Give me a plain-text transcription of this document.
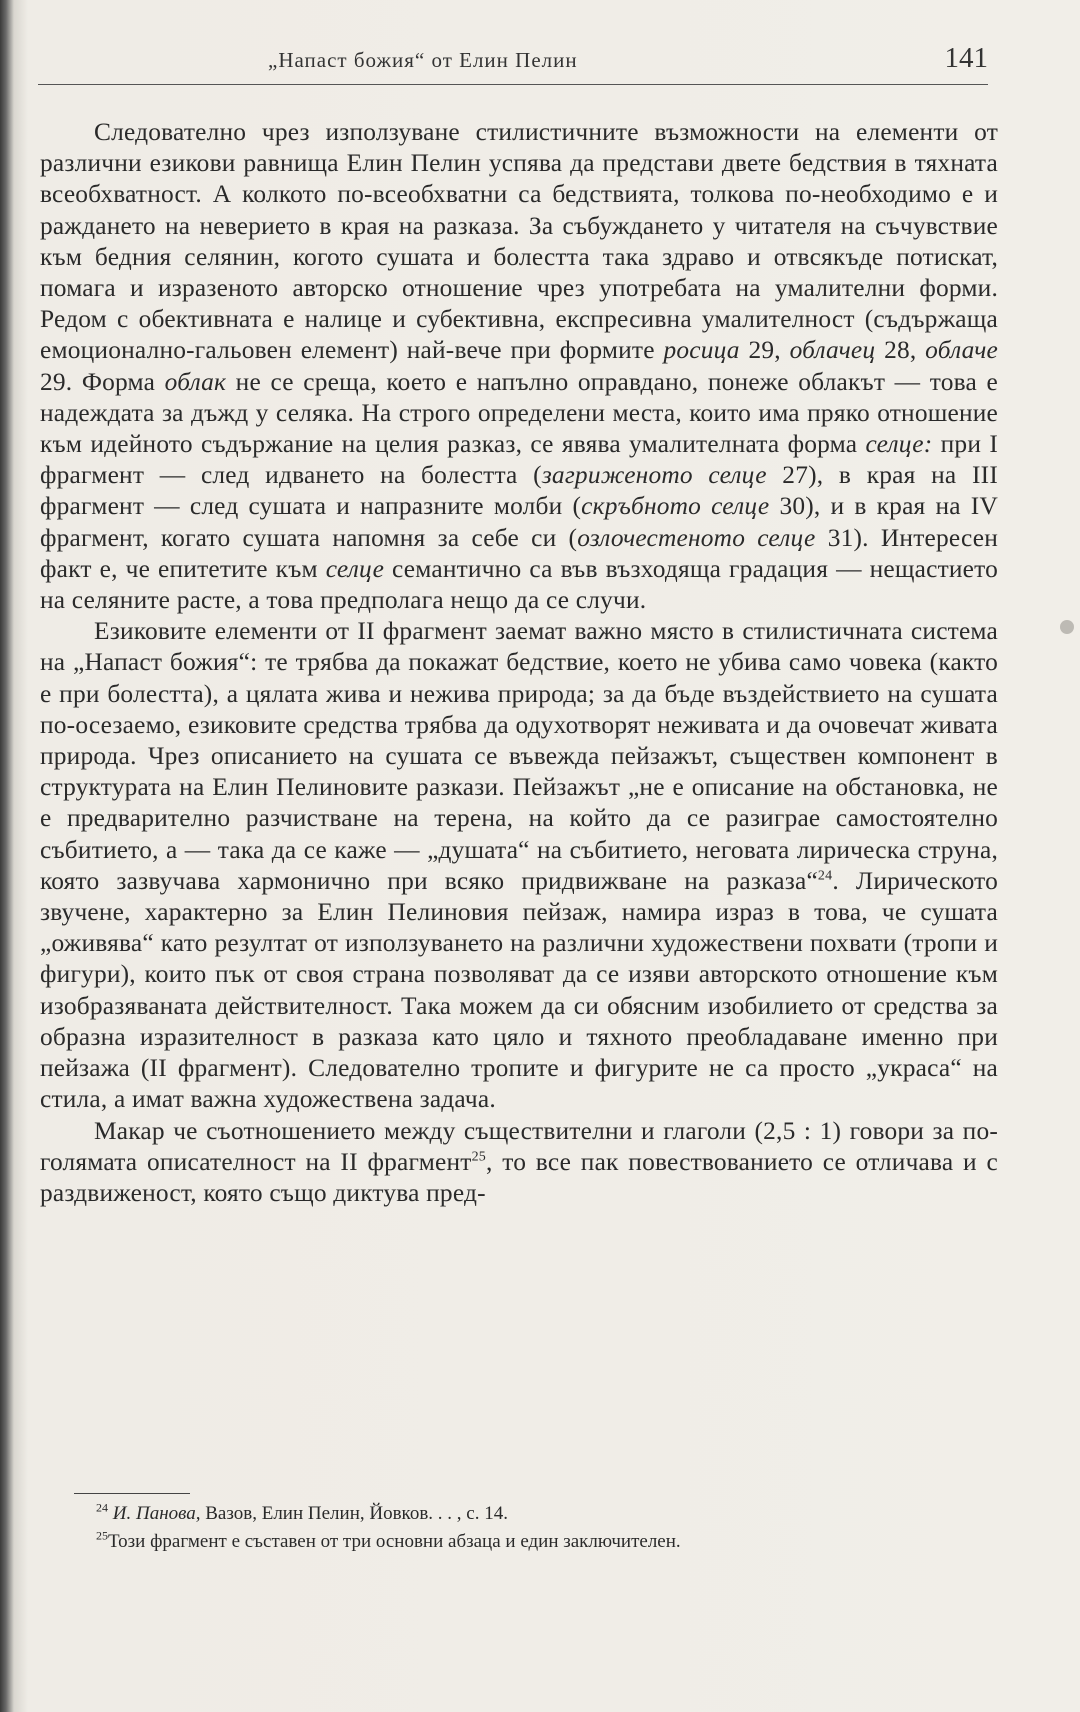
„Напаст божия“ от Елин Пелин	141

Следователно чрез използуване стилистичните възможности на елементи от различни езикови равнища Елин Пелин успява да представи двете бедствия в тяхната всеобхватност. А колкото по-всеобхватни са бедствията, толкова по-необходимо е и раждането на неверието в края на разказа. За събуждането у читателя на съчувствие към бедния селянин, когото сушата и болестта така здраво и отвсякъде потискат, помага и изразеното авторско отношение чрез употребата на умалителни форми. Редом с обективната е налице и субективна, експресивна умалителност (съдържаща емоционално-гальовен елемент) най-вече при формите росица 29, облачец 28, облаче 29. Форма облак не се среща, което е напълно оправдано, понеже облакът — това е надеждата за дъжд у селяка. На строго определени места, които има пряко отношение към идейното съдържание на целия разказ, се явява умалителната форма селце: при I фрагмент — след идването на болестта (загриженото селце 27), в края на III фрагмент — след сушата и напразните молби (скръбното селце 30), и в края на IV фрагмент, когато сушата напомня за себе си (озлочестеното селце 31). Интересен факт е, че епитетите към селце семантично са във възходяща градация — нещастието на селяните расте, а това предполага нещо да се случи.

Езиковите елементи от II фрагмент заемат важно място в стилистичната система на „Напаст божия“: те трябва да покажат бедствие, което не убива само човека (както е при болестта), а цялата жива и нежива природа; за да бъде въздействието на сушата по-осезаемо, езиковите средства трябва да одухотворят неживата и да очовечат живата природа. Чрез описанието на сушата се въвежда пейзажът, съществен компонент в структурата на Елин Пелиновите разкази. Пейзажът „не е описание на обстановка, не е предварително разчистване на терена, на който да се разиграе самостоятелно събитието, а — така да се каже — „душата“ на събитието, неговата лирическа струна, която зазвучава хармонично при всяко придвижване на разказа“$^{24}$. Лирическото звучене, характерно за Елин Пелиновия пейзаж, намира израз в това, че сушата „оживява“ като резултат от използуването на различни художествени похвати (тропи и фигури), които пък от своя страна позволяват да се изяви авторското отношение към изобразяваната действителност. Така можем да си обясним изобилието от средства за образна изразителност в разказа като цяло и тяхното преобладаване именно при пейзажа (II фрагмент). Следователно тропите и фигурите не са просто „украса“ на стила, а имат важна художествена задача.

Макар че съотношението между съществителни и глаголи (2,5 : 1) говори за по-голямата описателност на II фрагмент$^{25}$, то все пак повествованието се отличава и с раздвиженост, която също диктува пред-

$^{24}$ И. Панова, Вазов, Елин Пелин, Йовков. . . , с. 14.
$^{25}$Този фрагмент е съставен от три основни абзаца и един заключителен.
